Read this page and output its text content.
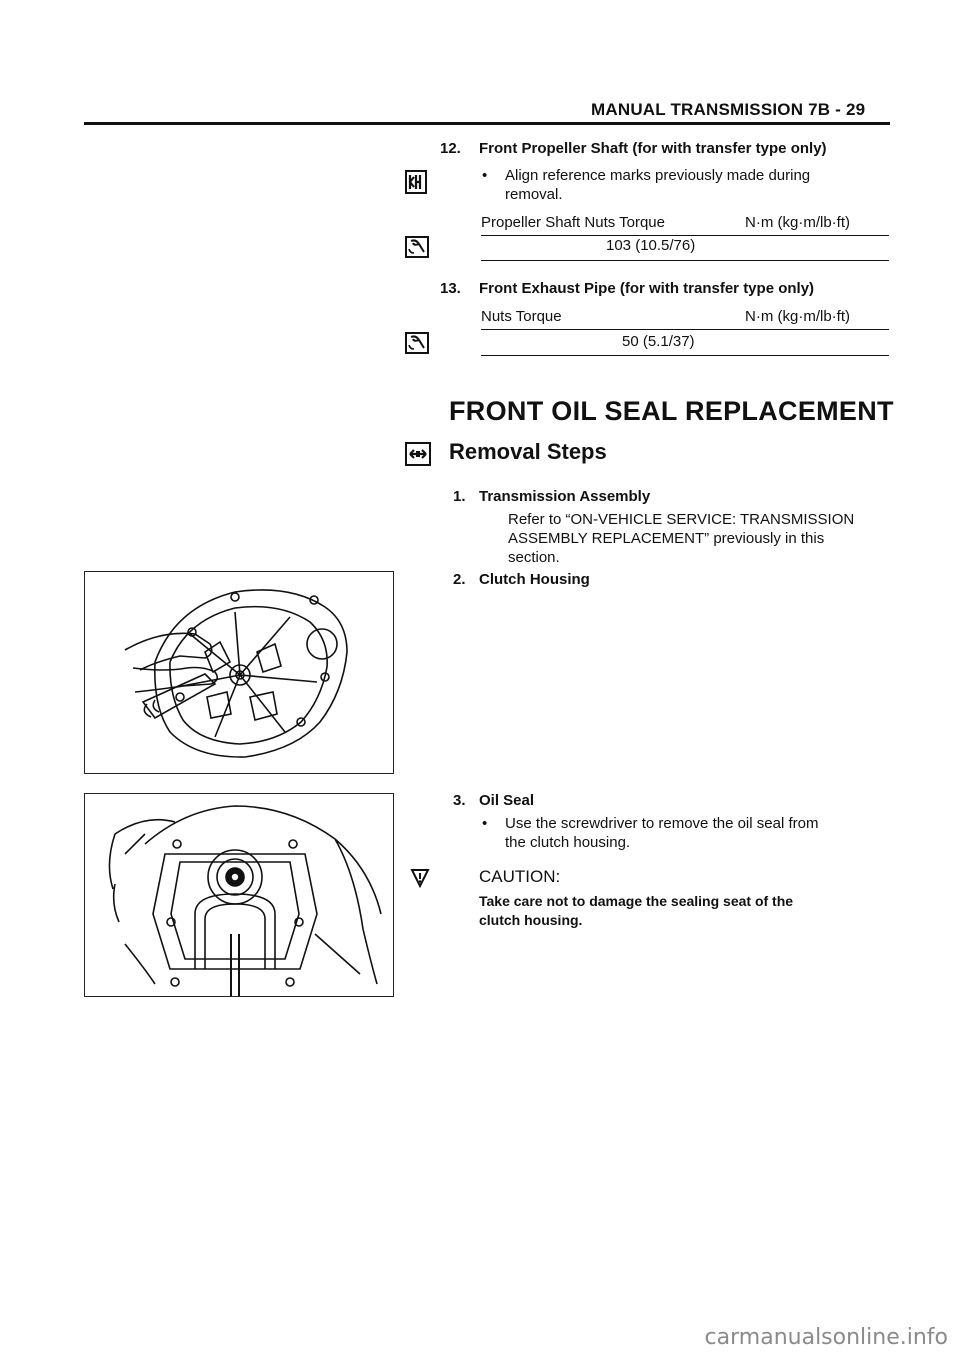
MANUAL TRANSMISSION 7B - 29
12. Front Propeller Shaft (for with transfer type only)
• Align reference marks previously made during removal.
Propeller Shaft Nuts Torque	N·m (kg·m/lb·ft)
103 (10.5/76)
13. Front Exhaust Pipe (for with transfer type only)
Nuts Torque	N·m (kg·m/lb·ft)
50 (5.1/37)
FRONT OIL SEAL REPLACEMENT
Removal Steps
1. Transmission Assembly
Refer to “ON-VEHICLE SERVICE: TRANSMISSION
ASSEMBLY REPLACEMENT” previously in this
section.
2. Clutch Housing
3. Oil Seal
• Use the screwdriver to remove the oil seal from
the clutch housing.
CAUTION:
Take care not to damage the sealing seat of the
clutch housing.
carmanualsonline.info
